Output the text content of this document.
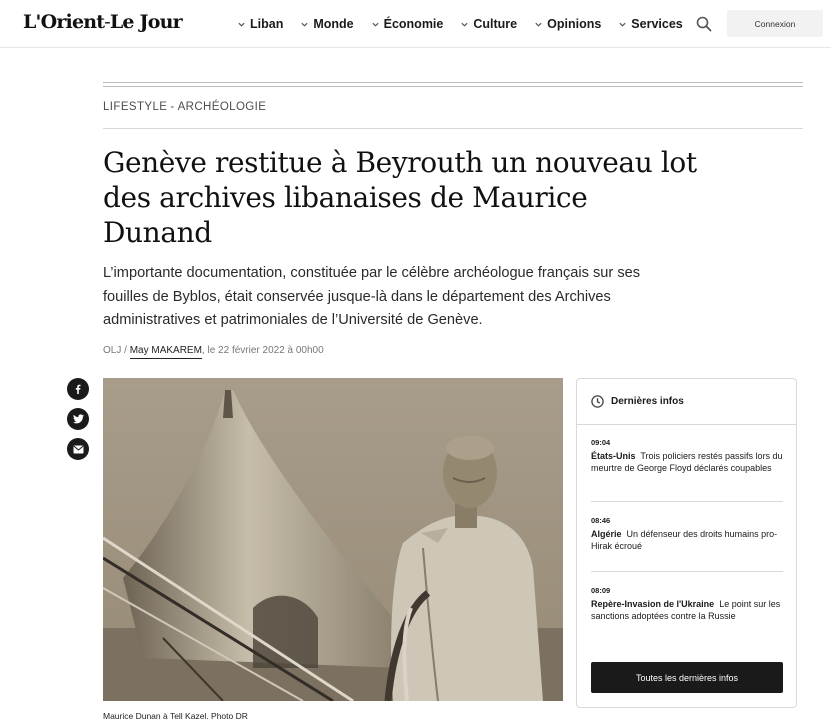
L'Orient-Le Jour	Liban Monde Économie Culture Opinions Services	Connexion
LIFESTYLE - ARCHÉOLOGIE
Genève restitue à Beyrouth un nouveau lot des archives libanaises de Maurice Dunand

L’importante documentation, constituée par le célèbre archéologue français sur ses fouilles de Byblos, était conservée jusque-là dans le département des Archives administratives et patrimoniales de l’Université de Genève.

OLJ / May MAKAREM, le 22 février 2022 à 00h00
Maurice Dunan à Tell Kazel. Photo DR
Dernières infos
09:04
États-Unis Trois policiers restés passifs lors du meurtre de George Floyd déclarés coupables
08:46
Algérie Un défenseur des droits humains pro-Hirak écroué
08:09
Repère-Invasion de l'Ukraine Le point sur les sanctions adoptées contre la Russie
Toutes les dernières infos
